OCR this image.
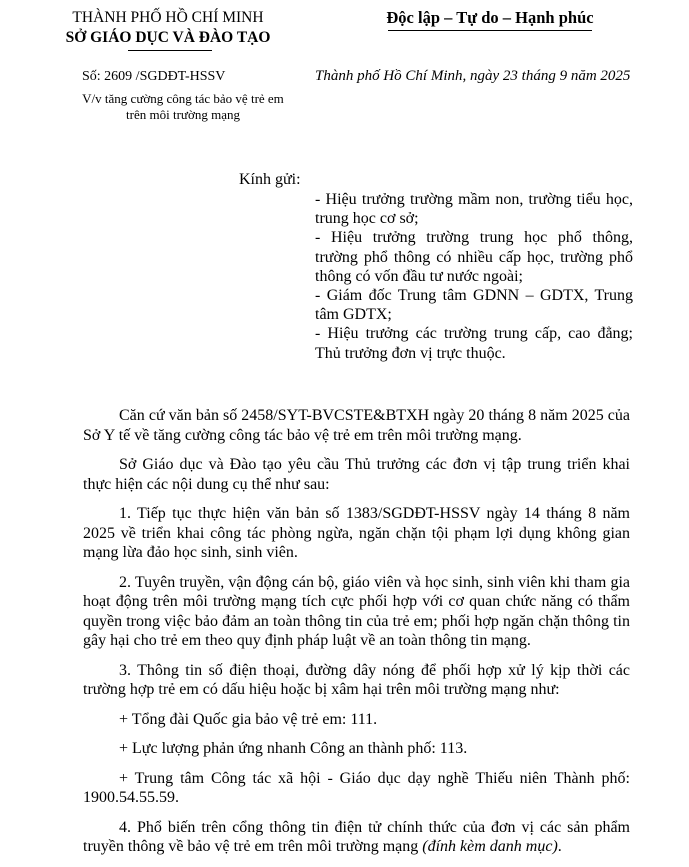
THÀNH PHỐ HỒ CHÍ MINH
SỞ GIÁO DỤC VÀ ĐÀO TẠO
Độc lập – Tự do – Hạnh phúc
Số: 2609 /SGDĐT-HSSV	Thành phố Hồ Chí Minh, ngày 23 tháng 9 năm 2025
V/v tăng cường công tác bảo vệ trẻ em
trên môi trường mạng
Kính gửi:
- Hiệu trưởng trường mầm non, trường tiểu học, trung học cơ sở;
- Hiệu trưởng trường trung học phổ thông, trường phổ thông có nhiều cấp học, trường phổ thông có vốn đầu tư nước ngoài;
- Giám đốc Trung tâm GDNN – GDTX, Trung tâm GDTX;
- Hiệu trưởng các trường trung cấp, cao đẳng; Thủ trưởng đơn vị trực thuộc.

Căn cứ văn bản số 2458/SYT-BVCSTE&BTXH ngày 20 tháng 8 năm 2025 của Sở Y tế về tăng cường công tác bảo vệ trẻ em trên môi trường mạng.

Sở Giáo dục và Đào tạo yêu cầu Thủ trưởng các đơn vị tập trung triển khai thực hiện các nội dung cụ thể như sau:

1. Tiếp tục thực hiện văn bản số 1383/SGDĐT-HSSV ngày 14 tháng 8 năm 2025 về triển khai công tác phòng ngừa, ngăn chặn tội phạm lợi dụng không gian mạng lừa đảo học sinh, sinh viên.

2. Tuyên truyền, vận động cán bộ, giáo viên và học sinh, sinh viên khi tham gia hoạt động trên môi trường mạng tích cực phối hợp với cơ quan chức năng có thẩm quyền trong việc bảo đảm an toàn thông tin của trẻ em; phối hợp ngăn chặn thông tin gây hại cho trẻ em theo quy định pháp luật về an toàn thông tin mạng.

3. Thông tin số điện thoại, đường dây nóng để phối hợp xử lý kịp thời các trường hợp trẻ em có dấu hiệu hoặc bị xâm hại trên môi trường mạng như:

+ Tổng đài Quốc gia bảo vệ trẻ em: 111.

+ Lực lượng phản ứng nhanh Công an thành phố: 113.

+ Trung tâm Công tác xã hội - Giáo dục dạy nghề Thiếu niên Thành phố: 1900.54.55.59.

4. Phổ biến trên cổng thông tin điện tử chính thức của đơn vị các sản phẩm truyền thông về bảo vệ trẻ em trên môi trường mạng (đính kèm danh mục).
